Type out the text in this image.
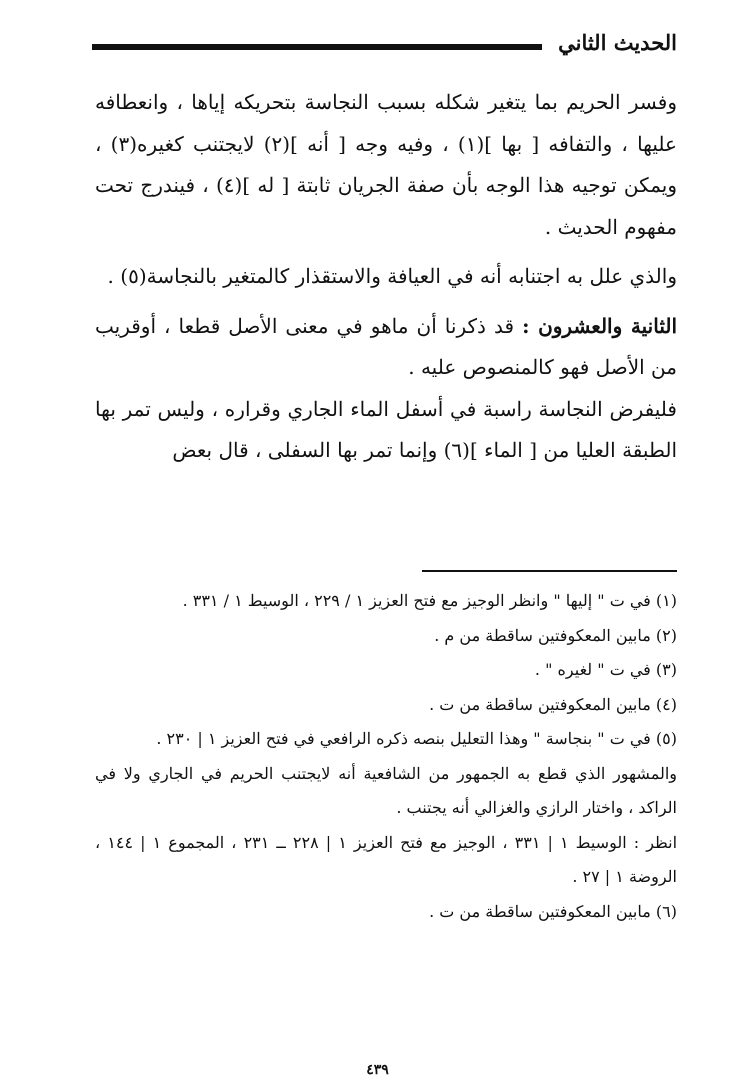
الحديث الثاني

وفسر الحريم بما يتغير شكله بسبب النجاسة بتحريكه إياها ، وانعطافه عليها ، والتفافه [ بها ](١) ، وفيه وجه [ أنه ](٢) لايجتنب كغيره(٣) ، ويمكن توجيه هذا الوجه بأن صفة الجريان ثابتة [ له ](٤) ، فيندرج تحت مفهوم الحديث .

والذي علل به اجتنابه أنه في العيافة والاستقذار كالمتغير بالنجاسة(٥) .

الثانية والعشرون : قد ذكرنا أن ماهو في معنى الأصل قطعا ، أوقريب من الأصل فهو كالمنصوص عليه .

فليفرض النجاسة راسبة في أسفل الماء الجاري وقراره ، وليس تمر بها الطبقة العليا من [ الماء ](٦) وإنما تمر بها السفلى ، قال بعض

(١) في ت " إليها " وانظر الوجيز مع فتح العزيز ١ / ٢٢٩ ، الوسيط ١ / ٣٣١ .

(٢) مابين المعكوفتين ساقطة من م .

(٣) في ت " لغيره " .

(٤) مابين المعكوفتين ساقطة من ت .

(٥) في ت " بنجاسة " وهذا التعليل بنصه ذكره الرافعي في فتح العزيز ١ | ٢٣٠ .

والمشهور الذي قطع به الجمهور من الشافعية أنه لايجتنب الحريم في الجاري ولا في الراكد ، واختار الرازي والغزالي أنه يجتنب .

انظر : الوسيط ١ | ٣٣١ ، الوجيز مع فتح العزيز ١ | ٢٢٨ ــ ٢٣١ ، المجموع ١ | ١٤٤ ، الروضة ١ | ٢٧ .

(٦) مابين المعكوفتين ساقطة من ت .

٤٣٩
